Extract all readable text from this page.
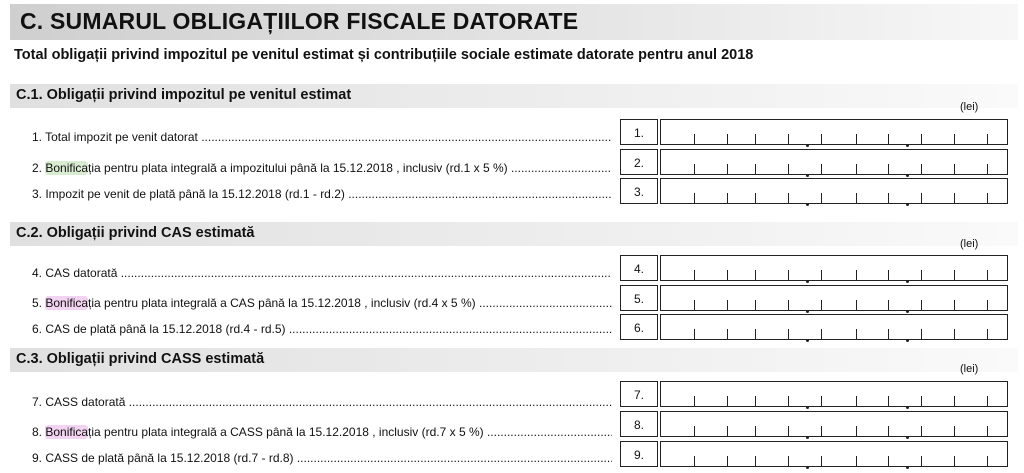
C. SUMARUL OBLIGAȚIILOR FISCALE DATORATE
Total obligații privind impozitul pe venitul estimat și contribuțiile sociale estimate datorate pentru anul 2018
C.1. Obligații privind impozitul pe venitul estimat
(lei)
1. Total impozit pe venit datorat .....	1.
2. Bonificația pentru plata integrală a impozitului până la 15.12.2018 , inclusiv (rd.1 x 5 %) .....	2.
3. Impozit pe venit de plată până la 15.12.2018 (rd.1 - rd.2) .....	3.
C.2. Obligații privind CAS estimată
(lei)
4. CAS datorată .....	4.
5. Bonificația pentru plata integrală a CAS până la 15.12.2018 , inclusiv (rd.4 x 5 %) .....	5.
6. CAS de plată până la 15.12.2018 (rd.4 - rd.5) .....	6.
C.3. Obligații privind CASS estimată
(lei)
7. CASS datorată .....	7.
8. Bonificația pentru plata integrală a CASS până la 15.12.2018 , inclusiv (rd.7 x 5 %) .....	8.
9. CASS de plată până la 15.12.2018 (rd.7 - rd.8) .....	9.
